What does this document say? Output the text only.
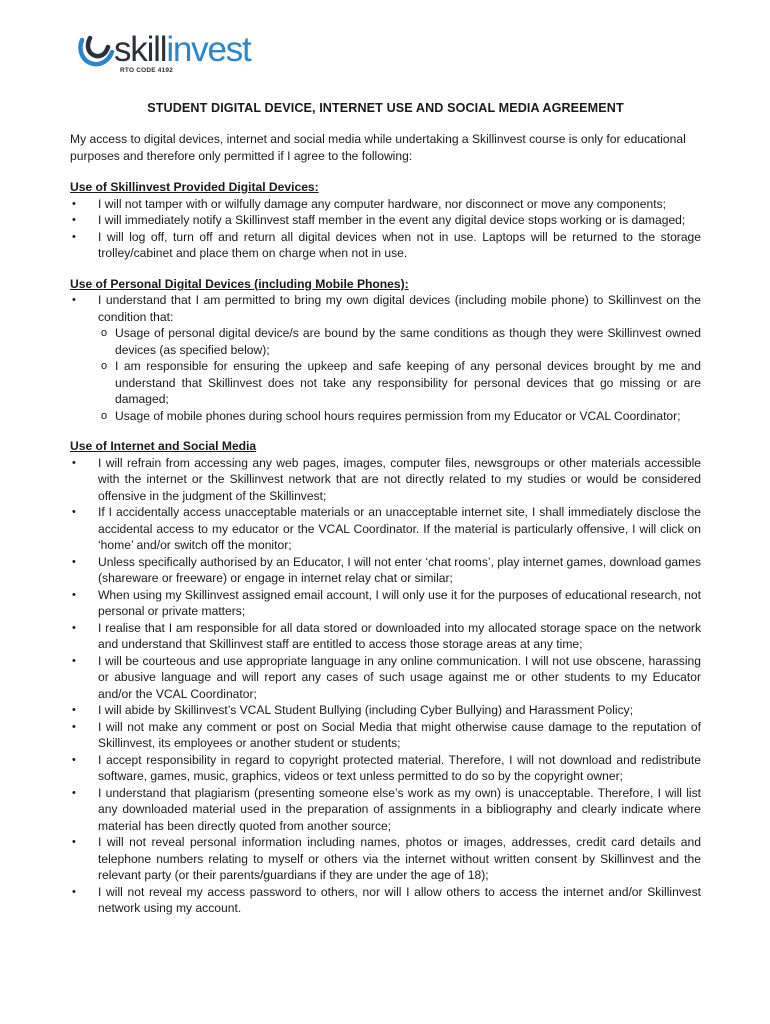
skillinvest
RTO CODE 4192
STUDENT DIGITAL DEVICE, INTERNET USE AND SOCIAL MEDIA AGREEMENT

My access to digital devices, internet and social media while undertaking a Skillinvest course is only for educational purposes and therefore only permitted if I agree to the following:

Use of Skillinvest Provided Digital Devices:
• I will not tamper with or wilfully damage any computer hardware, nor disconnect or move any components;
• I will immediately notify a Skillinvest staff member in the event any digital device stops working or is damaged;
• I will log off, turn off and return all digital devices when not in use. Laptops will be returned to the storage trolley/cabinet and place them on charge when not in use.
Use of Personal Digital Devices (including Mobile Phones):
• I understand that I am permitted to bring my own digital devices (including mobile phone) to Skillinvest on the condition that:
o Usage of personal digital device/s are bound by the same conditions as though they were Skillinvest owned devices (as specified below);
o I am responsible for ensuring the upkeep and safe keeping of any personal devices brought by me and understand that Skillinvest does not take any responsibility for personal devices that go missing or are damaged;
o Usage of mobile phones during school hours requires permission from my Educator or VCAL Coordinator;
Use of Internet and Social Media
• I will refrain from accessing any web pages, images, computer files, newsgroups or other materials accessible with the internet or the Skillinvest network that are not directly related to my studies or would be considered offensive in the judgment of the Skillinvest;
• If I accidentally access unacceptable materials or an unacceptable internet site, I shall immediately disclose the accidental access to my educator or the VCAL Coordinator. If the material is particularly offensive, I will click on ‘home’ and/or switch off the monitor;
• Unless specifically authorised by an Educator, I will not enter ‘chat rooms’, play internet games, download games (shareware or freeware) or engage in internet relay chat or similar;
• When using my Skillinvest assigned email account, I will only use it for the purposes of educational research, not personal or private matters;
• I realise that I am responsible for all data stored or downloaded into my allocated storage space on the network and understand that Skillinvest staff are entitled to access those storage areas at any time;
• I will be courteous and use appropriate language in any online communication. I will not use obscene, harassing or abusive language and will report any cases of such usage against me or other students to my Educator and/or the VCAL Coordinator;
• I will abide by Skillinvest’s VCAL Student Bullying (including Cyber Bullying) and Harassment Policy;
• I will not make any comment or post on Social Media that might otherwise cause damage to the reputation of Skillinvest, its employees or another student or students;
• I accept responsibility in regard to copyright protected material. Therefore, I will not download and redistribute software, games, music, graphics, videos or text unless permitted to do so by the copyright owner;
• I understand that plagiarism (presenting someone else’s work as my own) is unacceptable. Therefore, I will list any downloaded material used in the preparation of assignments in a bibliography and clearly indicate where material has been directly quoted from another source;
• I will not reveal personal information including names, photos or images, addresses, credit card details and telephone numbers relating to myself or others via the internet without written consent by Skillinvest and the relevant party (or their parents/guardians if they are under the age of 18);
• I will not reveal my access password to others, nor will I allow others to access the internet and/or Skillinvest network using my account.
